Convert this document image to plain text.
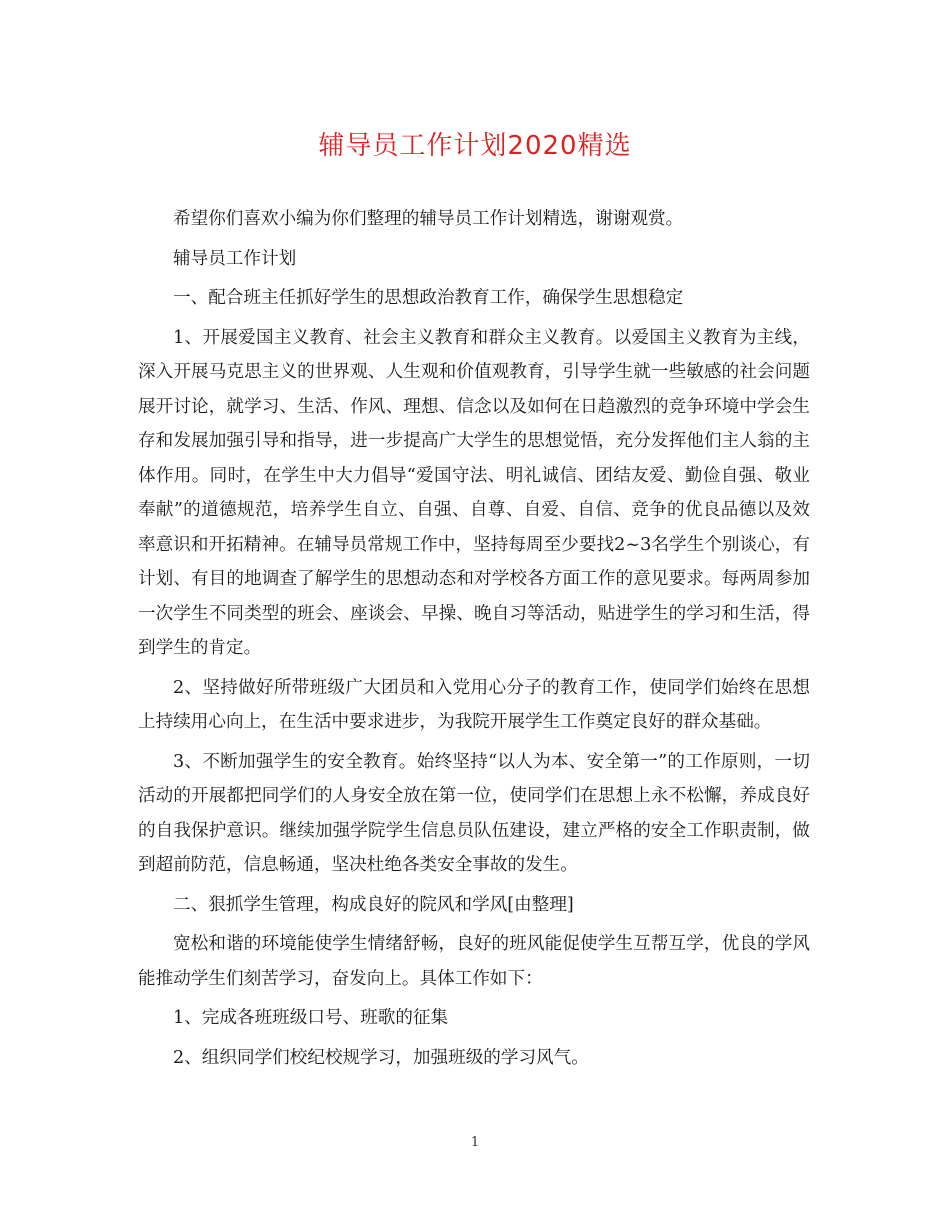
辅导员工作计划2020精选

希望你们喜欢小编为你们整理的辅导员工作计划精选，谢谢观赏。

辅导员工作计划

一、配合班主任抓好学生的思想政治教育工作，确保学生思想稳定

1、开展爱国主义教育、社会主义教育和群众主义教育。以爱国主义教育为主线，深入开展马克思主义的世界观、人生观和价值观教育，引导学生就一些敏感的社会问题展开讨论，就学习、生活、作风、理想、信念以及如何在日趋激烈的竞争环境中学会生存和发展加强引导和指导，进一步提高广大学生的思想觉悟，充分发挥他们主人翁的主体作用。同时，在学生中大力倡导“爱国守法、明礼诚信、团结友爱、勤俭自强、敬业奉献”的道德规范，培养学生自立、自强、自尊、自爱、自信、竞争的优良品德以及效率意识和开拓精神。在辅导员常规工作中，坚持每周至少要找2~3名学生个别谈心，有计划、有目的地调查了解学生的思想动态和对学校各方面工作的意见要求。每两周参加一次学生不同类型的班会、座谈会、早操、晚自习等活动，贴进学生的学习和生活，得到学生的肯定。

2、坚持做好所带班级广大团员和入党用心分子的教育工作，使同学们始终在思想上持续用心向上，在生活中要求进步，为我院开展学生工作奠定良好的群众基础。

3、不断加强学生的安全教育。始终坚持“以人为本、安全第一”的工作原则，一切活动的开展都把同学们的人身安全放在第一位，使同学们在思想上永不松懈，养成良好的自我保护意识。继续加强学院学生信息员队伍建设，建立严格的安全工作职责制，做到超前防范，信息畅通，坚决杜绝各类安全事故的发生。

二、狠抓学生管理，构成良好的院风和学风[由整理]

宽松和谐的环境能使学生情绪舒畅，良好的班风能促使学生互帮互学，优良的学风能推动学生们刻苦学习，奋发向上。具体工作如下：

1、完成各班班级口号、班歌的征集

2、组织同学们校纪校规学习，加强班级的学习风气。

1
